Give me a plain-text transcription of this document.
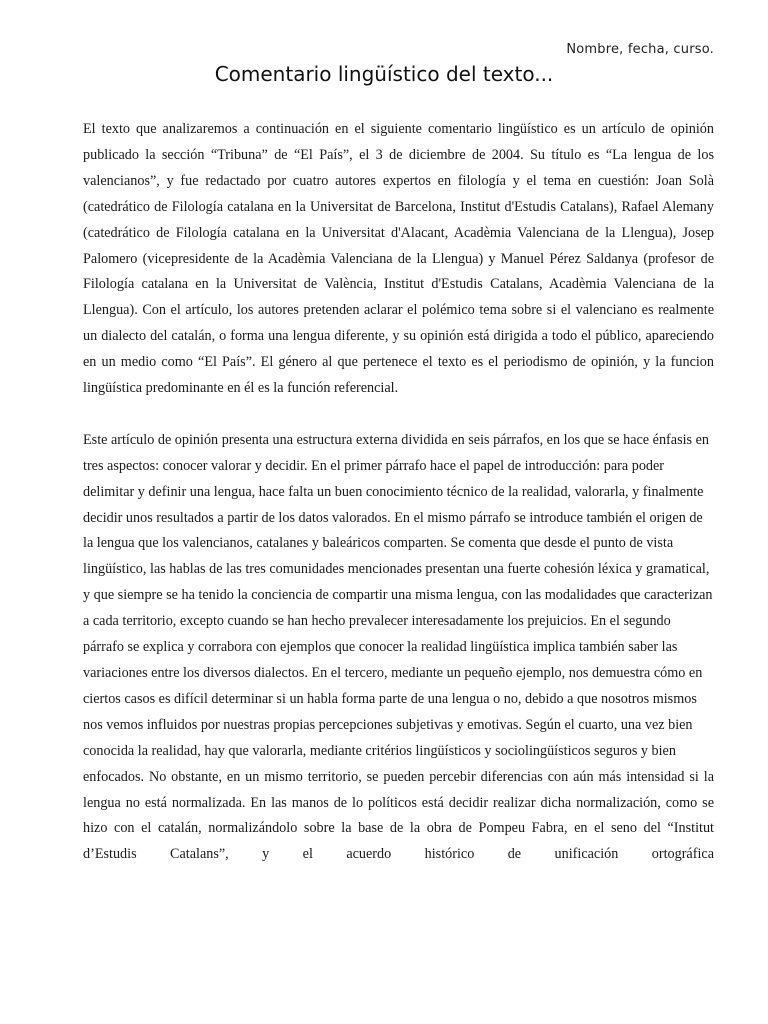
Nombre, fecha, curso.
Comentario lingüístico del texto...

El texto que analizaremos a continuación en el siguiente comentario lingüístico es un artículo de opinión publicado la sección “Tribuna” de “El País”, el 3 de diciembre de 2004. Su título es “La lengua de los valencianos”, y fue redactado por cuatro autores expertos en filología y el tema en cuestión: Joan Solà (catedrático de Filología catalana en la Universitat de Barcelona, Institut d'Estudis Catalans), Rafael Alemany (catedrático de Filología catalana en la Universitat d'Alacant, Acadèmia Valenciana de la Llengua), Josep Palomero (vicepresidente de la Acadèmia Valenciana de la Llengua) y Manuel Pérez Saldanya (profesor de Filología catalana en la Universitat de València, Institut d'Estudis Catalans, Acadèmia Valenciana de la Llengua). Con el artículo, los autores pretenden aclarar el polémico tema sobre si el valenciano es realmente un dialecto del catalán, o forma una lengua diferente, y su opinión está dirigida a todo el público, apareciendo en un medio como “El País”. El género al que pertenece el texto es el periodismo de opinión, y la funcion lingüística predominante en él es la función referencial.

Este artículo de opinión presenta una estructura externa dividida en seis párrafos, en los que se hace énfasis en tres aspectos: conocer valorar y decidir. En el primer párrafo hace el papel de introducción: para poder delimitar y definir una lengua, hace falta un buen conocimiento técnico de la realidad, valorarla, y finalmente decidir unos resultados a partir de los datos valorados. En el mismo párrafo se introduce también el origen de la lengua que los valencianos, catalanes y baleáricos comparten. Se comenta que desde el punto de vista lingüístico, las hablas de las tres comunidades mencionades presentan una fuerte cohesión léxica y gramatical, y que siempre se ha tenido la conciencia de compartir una misma lengua, con las modalidades que caracterizan a cada territorio, excepto cuando se han hecho prevalecer interesadamente los prejuicios. En el segundo párrafo se explica y corrabora con ejemplos que conocer la realidad lingüística implica también saber las variaciones entre los diversos dialectos. En el tercero, mediante un pequeño ejemplo, nos demuestra cómo en ciertos casos es difícil determinar si un habla forma parte de una lengua o no, debido a que nosotros mismos nos vemos influidos por nuestras propias percepciones subjetivas y emotivas. Según el cuarto, una vez bien conocida la realidad, hay que valorarla, mediante critérios lingüísticos y sociolingüísticos seguros y bien

enfocados. No obstante, en un mismo territorio, se pueden percebir diferencias con aún más intensidad si la lengua no está normalizada. En las manos de lo políticos está decidir realizar dicha normalización, como se hizo con el catalán, normalizándolo sobre la base de la obra de Pompeu Fabra, en el seno del “Institut d’Estudis Catalans”, y el acuerdo histórico de unificación ortográfica
